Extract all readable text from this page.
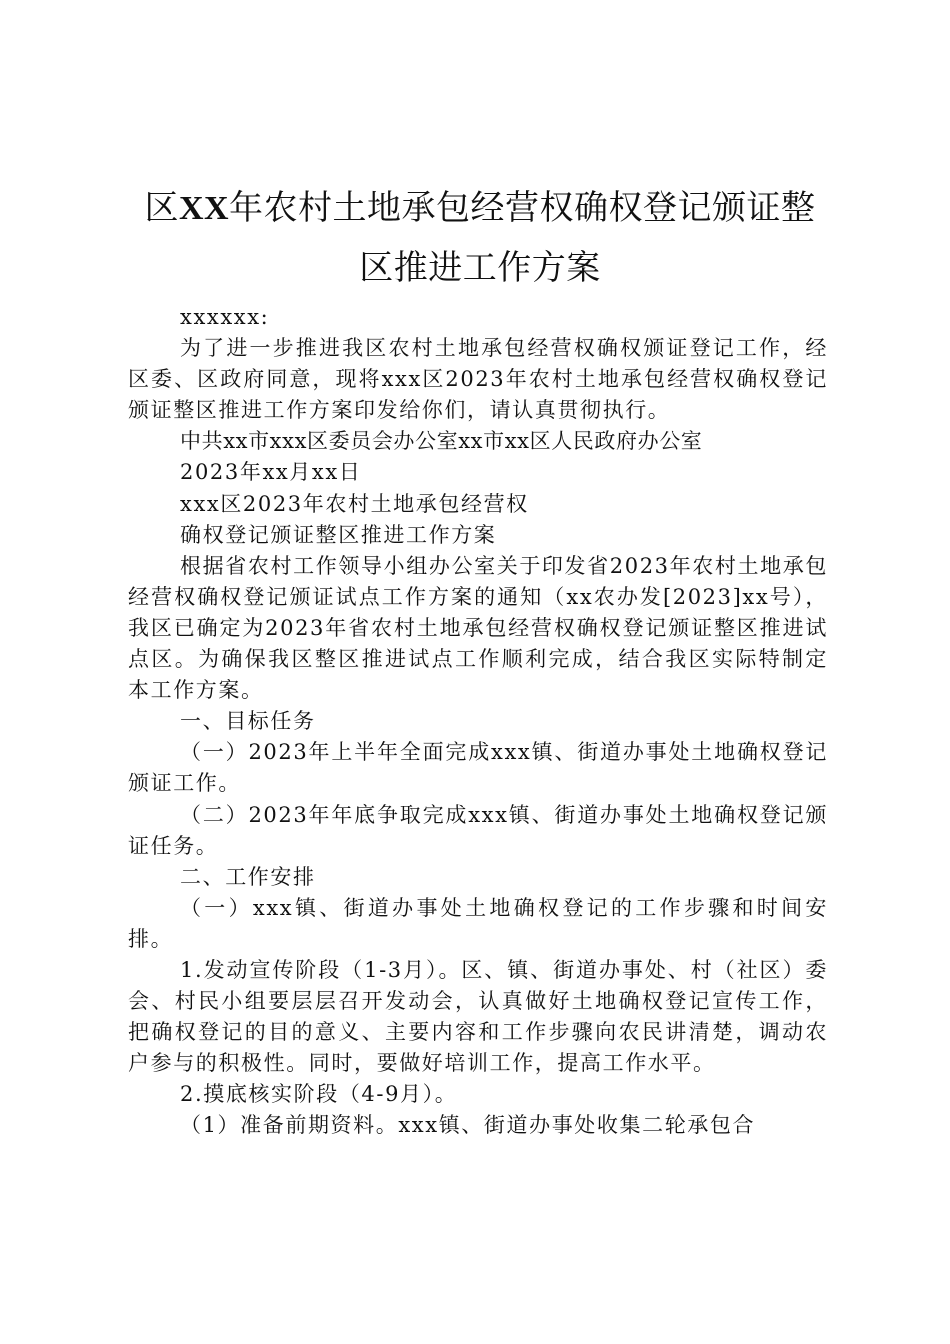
区XX年农村土地承包经营权确权登记颁证整
区推进工作方案

xxxxxx:

为了进一步推进我区农村土地承包经营权确权颁证登记工作，经区委、区政府同意，现将xxx区2023年农村土地承包经营权确权登记颁证整区推进工作方案印发给你们，请认真贯彻执行。

中共xx市xxx区委员会办公室xx市xx区人民政府办公室

2023年xx月xx日

xxx区2023年农村土地承包经营权

确权登记颁证整区推进工作方案

根据省农村工作领导小组办公室关于印发省2023年农村土地承包经营权确权登记颁证试点工作方案的通知（xx农办发[2023]xx号），我区已确定为2023年省农村土地承包经营权确权登记颁证整区推进试点区。为确保我区整区推进试点工作顺利完成，结合我区实际特制定本工作方案。

一、目标任务

（一）2023年上半年全面完成xxx镇、街道办事处土地确权登记颁证工作。

（二）2023年年底争取完成xxx镇、街道办事处土地确权登记颁证任务。

二、工作安排

（一）xxx镇、街道办事处土地确权登记的工作步骤和时间安排。

1.发动宣传阶段（1-3月）。区、镇、街道办事处、村（社区）委会、村民小组要层层召开发动会，认真做好土地确权登记宣传工作，把确权登记的目的意义、主要内容和工作步骤向农民讲清楚，调动农户参与的积极性。同时，要做好培训工作，提高工作水平。

2.摸底核实阶段（4-9月）。

（1）准备前期资料。xxx镇、街道办事处收集二轮承包合
